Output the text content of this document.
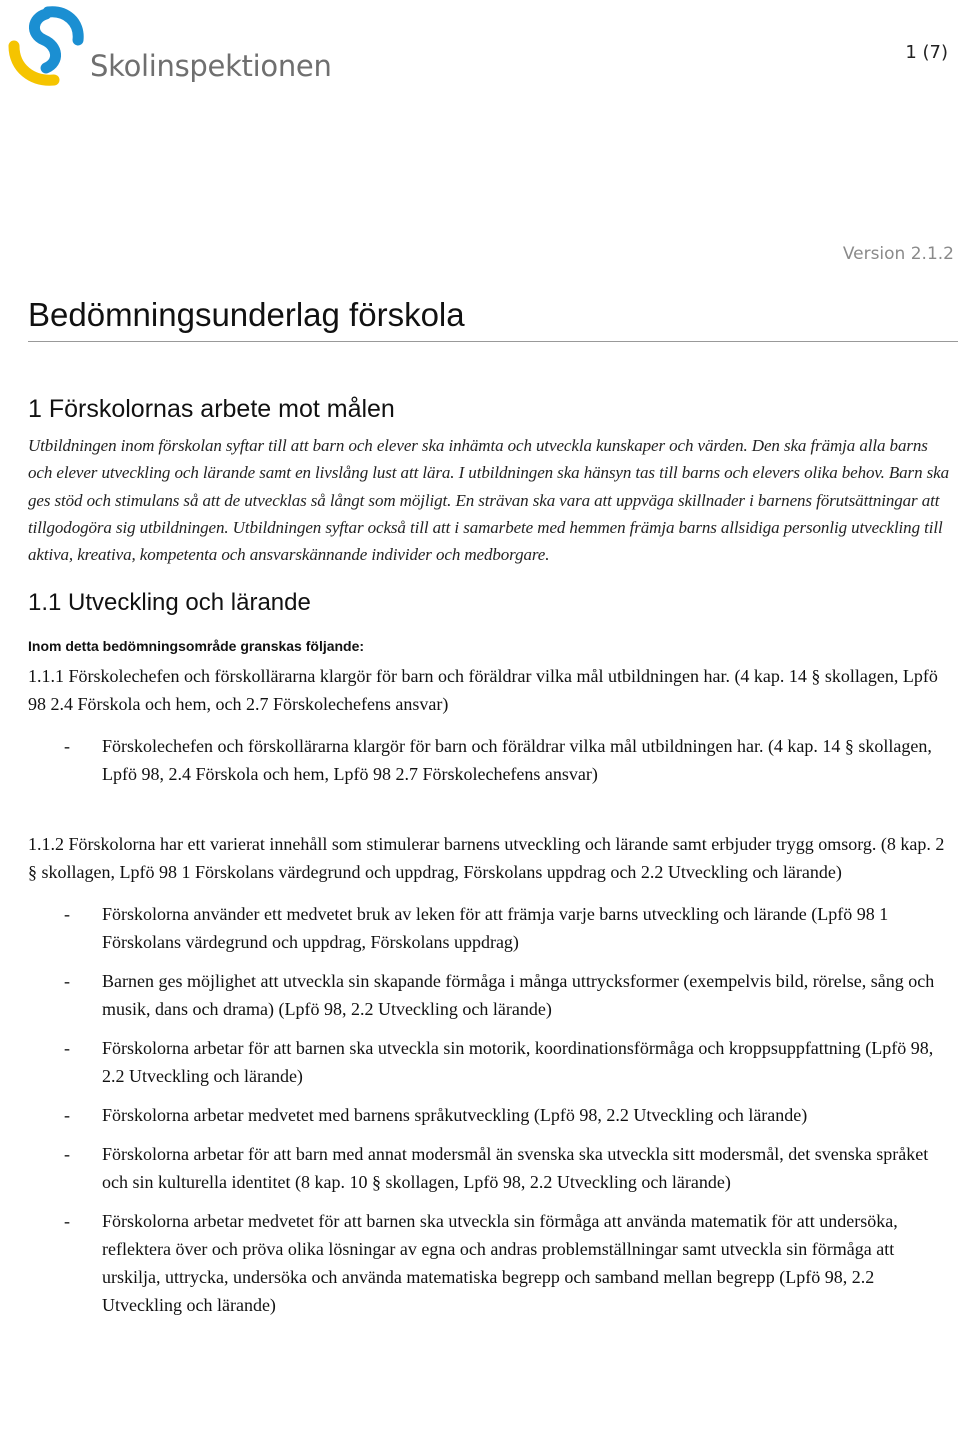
Skolinspektionen	1 (7)
Version 2.1.2
Bedömningsunderlag förskola
1 Förskolornas arbete mot målen

Utbildningen inom förskolan syftar till att barn och elever ska inhämta och utveckla kunskaper och värden. Den ska främja alla barns och elever utveckling och lärande samt en livslång lust att lära. I utbildningen ska hänsyn tas till barns och elevers olika behov. Barn ska ges stöd och stimulans så att de utvecklas så långt som möjligt. En strävan ska vara att uppväga skillnader i barnens förutsättningar att tillgodogöra sig utbildningen. Utbildningen syftar också till att i samarbete med hemmen främja barns allsidiga personlig utveckling till aktiva, kreativa, kompetenta och ansvarskännande individer och medborgare.

1.1 Utveckling och lärande

Inom detta bedömningsområde granskas följande:

1.1.1 Förskolechefen och förskollärarna klargör för barn och föräldrar vilka mål utbildningen har. (4 kap. 14 § skollagen, Lpfö 98 2.4 Förskola och hem, och 2.7 Förskolechefens ansvar)

- Förskolechefen och förskollärarna klargör för barn och föräldrar vilka mål utbildningen har. (4 kap. 14 § skollagen, Lpfö 98, 2.4 Förskola och hem, Lpfö 98 2.7 Förskolechefens ansvar)

1.1.2 Förskolorna har ett varierat innehåll som stimulerar barnens utveckling och lärande samt erbjuder trygg omsorg. (8 kap. 2 § skollagen, Lpfö 98 1 Förskolans värdegrund och uppdrag, Förskolans uppdrag och 2.2 Utveckling och lärande)

- Förskolorna använder ett medvetet bruk av leken för att främja varje barns utveckling och lärande (Lpfö 98 1 Förskolans värdegrund och uppdrag, Förskolans uppdrag)
- Barnen ges möjlighet att utveckla sin skapande förmåga i många uttrycksformer (exempelvis bild, rörelse, sång och musik, dans och drama) (Lpfö 98, 2.2 Utveckling och lärande)
- Förskolorna arbetar för att barnen ska utveckla sin motorik, koordinationsförmåga och kroppsuppfattning (Lpfö 98, 2.2 Utveckling och lärande)
- Förskolorna arbetar medvetet med barnens språkutveckling (Lpfö 98, 2.2 Utveckling och lärande)
- Förskolorna arbetar för att barn med annat modersmål än svenska ska utveckla sitt modersmål, det svenska språket och sin kulturella identitet (8 kap. 10 § skollagen, Lpfö 98, 2.2 Utveckling och lärande)
- Förskolorna arbetar medvetet för att barnen ska utveckla sin förmåga att använda matematik för att undersöka, reflektera över och pröva olika lösningar av egna och andras problemställningar samt utveckla sin förmåga att urskilja, uttrycka, undersöka och använda matematiska begrepp och samband mellan begrepp (Lpfö 98, 2.2 Utveckling och lärande)
